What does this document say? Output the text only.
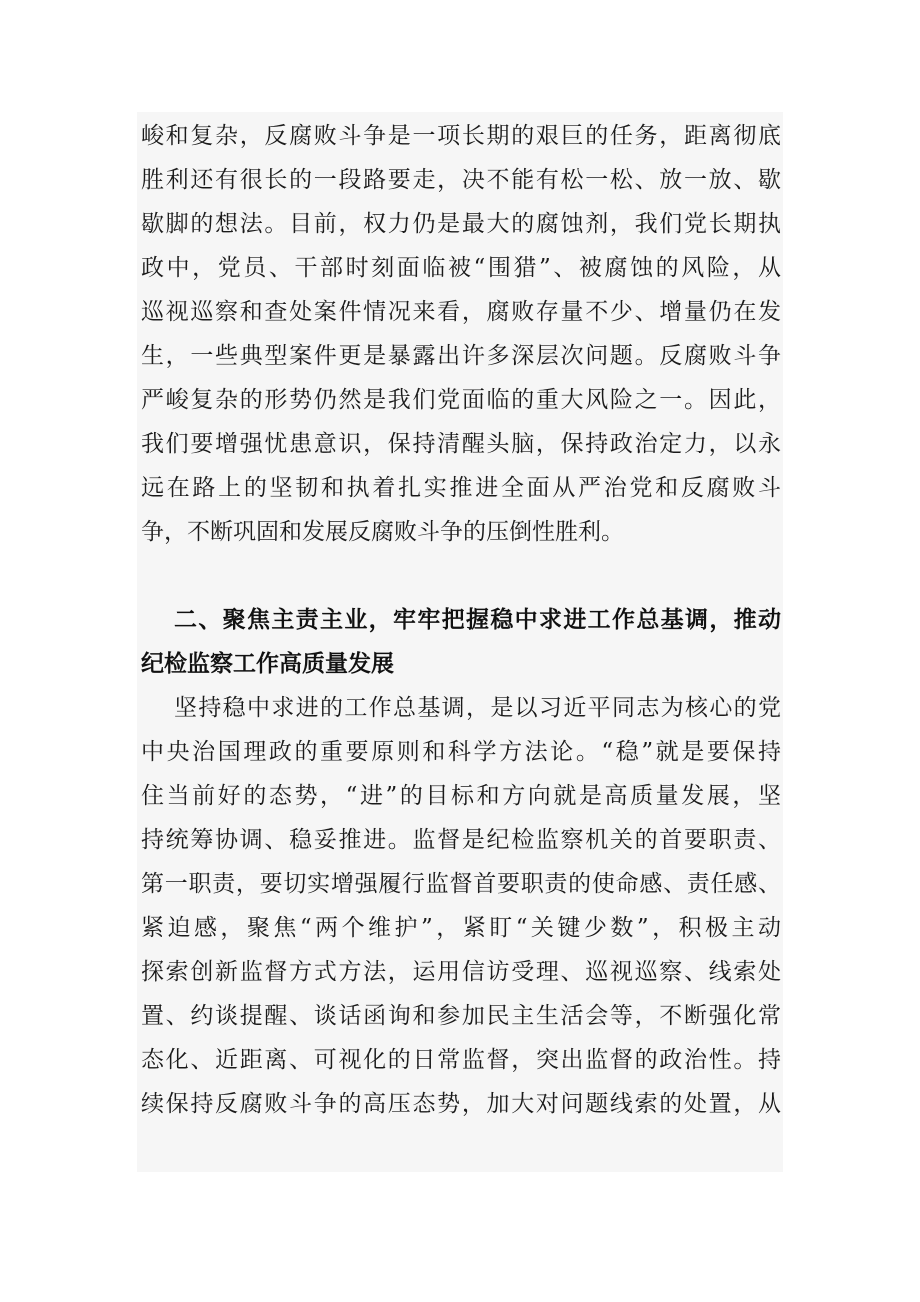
峻和复杂，反腐败斗争是一项长期的艰巨的任务，距离彻底
胜利还有很长的一段路要走，决不能有松一松、放一放、歇
歇脚的想法。目前，权力仍是最大的腐蚀剂，我们党长期执
政中，党员、干部时刻面临被“围猎”、被腐蚀的风险，从
巡视巡察和查处案件情况来看，腐败存量不少、增量仍在发
生，一些典型案件更是暴露出许多深层次问题。反腐败斗争
严峻复杂的形势仍然是我们党面临的重大风险之一。因此，
我们要增强忧患意识，保持清醒头脑，保持政治定力，以永
远在路上的坚韧和执着扎实推进全面从严治党和反腐败斗
争，不断巩固和发展反腐败斗争的压倒性胜利。
二、聚焦主责主业，牢牢把握稳中求进工作总基调，推动
纪检监察工作高质量发展
坚持稳中求进的工作总基调，是以习近平同志为核心的党
中央治国理政的重要原则和科学方法论。“稳”就是要保持
住当前好的态势，“进”的目标和方向就是高质量发展，坚
持统筹协调、稳妥推进。监督是纪检监察机关的首要职责、
第一职责，要切实增强履行监督首要职责的使命感、责任感、
紧迫感，聚焦“两个维护”，紧盯“关键少数”，积极主动
探索创新监督方式方法，运用信访受理、巡视巡察、线索处
置、约谈提醒、谈话函询和参加民主生活会等，不断强化常
态化、近距离、可视化的日常监督，突出监督的政治性。持
续保持反腐败斗争的高压态势，加大对问题线索的处置，从
